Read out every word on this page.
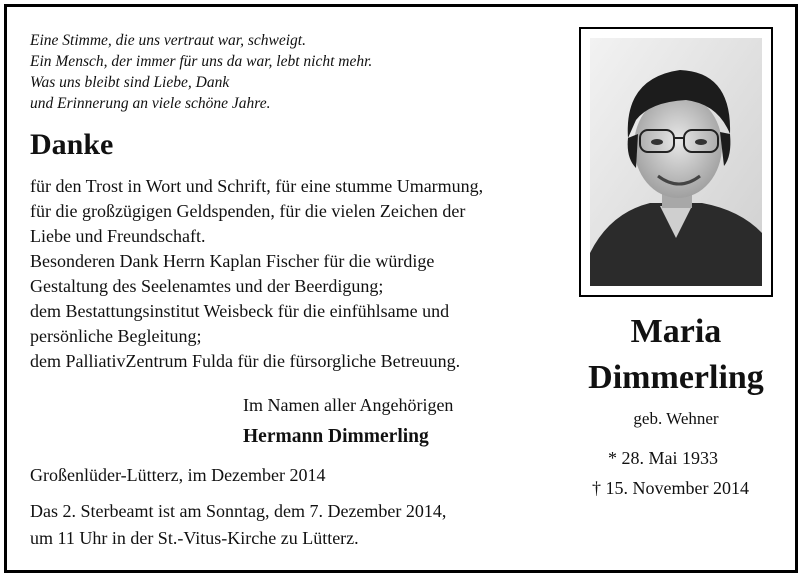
Eine Stimme, die uns vertraut war, schweigt.
Ein Mensch, der immer für uns da war, lebt nicht mehr.
Was uns bleibt sind Liebe, Dank
und Erinnerung an viele schöne Jahre.
Danke
für den Trost in Wort und Schrift, für eine stumme Umarmung,
für die großzügigen Geldspenden, für die vielen Zeichen der
Liebe und Freundschaft.
Besonderen Dank Herrn Kaplan Fischer für die würdige
Gestaltung des Seelenamtes und der Beerdigung;
dem Bestattungsinstitut Weisbeck für die einfühlsame und
persönliche Begleitung;
dem PalliativZentrum Fulda für die fürsorgliche Betreuung.
Im Namen aller Angehörigen
Hermann Dimmerling
Großenlüder-Lütterz, im Dezember 2014
Das 2. Sterbeamt ist am Sonntag, dem 7. Dezember 2014,
um 11 Uhr in der St.-Vitus-Kirche zu Lütterz.
Maria
Dimmerling
geb. Wehner
* 28. Mai 1933
† 15. November 2014
